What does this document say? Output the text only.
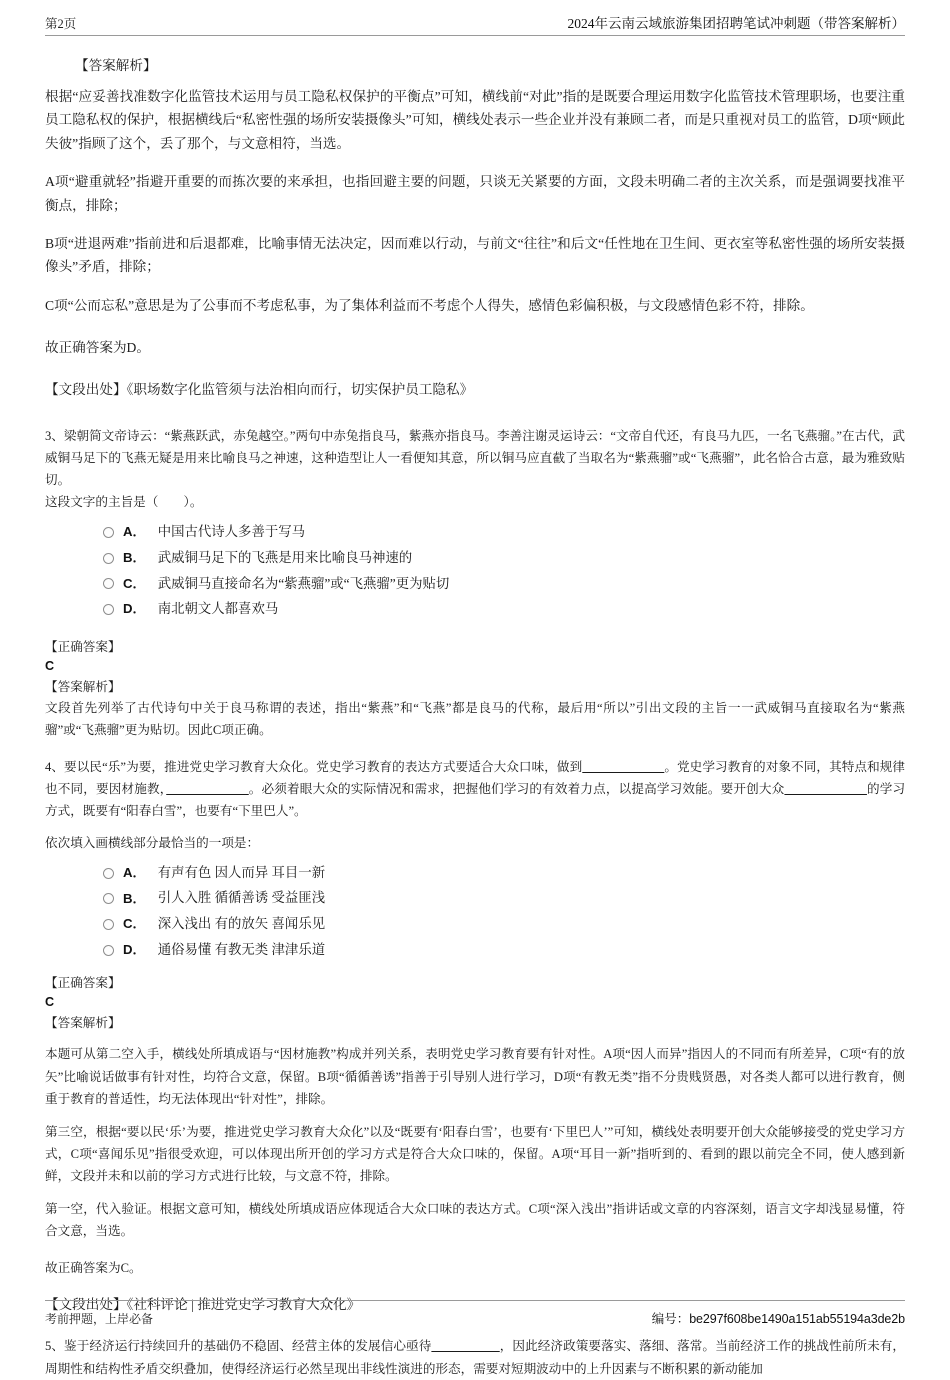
第2页	2024年云南云域旅游集团招聘笔试冲刺题（带答案解析）
【答案解析】

根据“应妥善找准数字化监管技术运用与员工隐私权保护的平衡点”可知，横线前“对此”指的是既要合理运用数字化监管技术管理职场，也要注重员工隐私权的保护，根据横线后“私密性强的场所安装摄像头”可知，横线处表示一些企业并没有兼顾二者，而是只重视对员工的监管，D项“顾此失彼”指顾了这个，丢了那个，与文意相符，当选。

A项“避重就轻”指避开重要的而拣次要的来承担，也指回避主要的问题，只谈无关紧要的方面，文段未明确二者的主次关系，而是强调要找准平衡点，排除；

B项“进退两难”指前进和后退都难，比喻事情无法决定，因而难以行动，与前文“往往”和后文“任性地在卫生间、更衣室等私密性强的场所安装摄像头”矛盾，排除；

C项“公而忘私”意思是为了公事而不考虑私事，为了集体利益而不考虑个人得失，感情色彩偏积极，与文段感情色彩不符，排除。

故正确答案为D。

【文段出处】《职场数字化监管须与法治相向而行，切实保护员工隐私》

3、梁朝简文帝诗云：“紫燕跃武，赤兔越空。”两句中赤兔指良马，紫燕亦指良马。李善注谢灵运诗云：“文帝自代还，有良马九匹，一名飞燕骝。”在古代，武威铜马足下的飞燕无疑是用来比喻良马之神速，这种造型让人一看便知其意，所以铜马应直截了当取名为“紫燕骝”或“飞燕骝”，此名恰合古意，最为雅致贴切。

这段文字的主旨是（　　）。

A． 中国古代诗人多善于写马
B． 武威铜马足下的飞燕是用来比喻良马神速的
C． 武威铜马直接命名为“紫燕骝”或“飞燕骝”更为贴切
D． 南北朝文人都喜欢马

【正确答案】

C

【答案解析】

文段首先列举了古代诗句中关于良马称谓的表述，指出“紫燕”和“飞燕”都是良马的代称，最后用“所以”引出文段的主旨一一武威铜马直接取名为“紫燕骝”或“飞燕骝”更为贴切。因此C项正确。

4、要以民“乐”为要，推进党史学习教育大众化。党史学习教育的表达方式要适合大众口味，做到　　　　　　	。党史学习教育的对象不同，其特点和规律也不同，要因材施教，　　　　　　	。必须着眼大众的实际情况和需求，把握他们学习的有效着力点，以提高学习效能。要开创大众　　　　　　	的学习方式，既要有“阳春白雪”，也要有“下里巴人”。

依次填入画横线部分最恰当的一项是：

A． 有声有色 因人而异 耳目一新
B． 引人入胜 循循善诱 受益匪浅
C． 深入浅出 有的放矢 喜闻乐见
D． 通俗易懂 有教无类 津津乐道

【正确答案】

C

【答案解析】

本题可从第二空入手，横线处所填成语与“因材施教”构成并列关系，表明党史学习教育要有针对性。A项“因人而异”指因人的不同而有所差异，C项“有的放矢”比喻说话做事有针对性，均符合文意，保留。B项“循循善诱”指善于引导别人进行学习，D项“有教无类”指不分贵贱贤愚，对各类人都可以进行教育，侧重于教育的普适性，均无法体现出“针对性”，排除。

第三空，根据“要以民‘乐’为要，推进党史学习教育大众化”以及“既要有‘阳春白雪’，也要有‘下里巴人’”可知，横线处表明要开创大众能够接受的党史学习方式，C项“喜闻乐见”指很受欢迎，可以体现出所开创的学习方式是符合大众口味的，保留。A项“耳目一新”指听到的、看到的跟以前完全不同，使人感到新鲜，文段并未和以前的学习方式进行比较，与文意不符，排除。

第一空，代入验证。根据文意可知，横线处所填成语应体现适合大众口味的表达方式。C项“深入浅出”指讲话或文章的内容深刻，语言文字却浅显易懂，符合文意，当选。

故正确答案为C。

【文段出处】《社科评论 | 推进党史学习教育大众化》

5、鉴于经济运行持续回升的基础仍不稳固、经营主体的发展信心亟待　　　　　	，因此经济政策要落实、落细、落常。当前经济工作的挑战性前所未有，周期性和结构性矛盾交织叠加，使得经济运行必然呈现出非线性演进的形态，需要对短期波动中的上升因素与不断积累的新动能加

考前押题，上岸必备	编号：be297f608be1490a151ab55194a3de2b
